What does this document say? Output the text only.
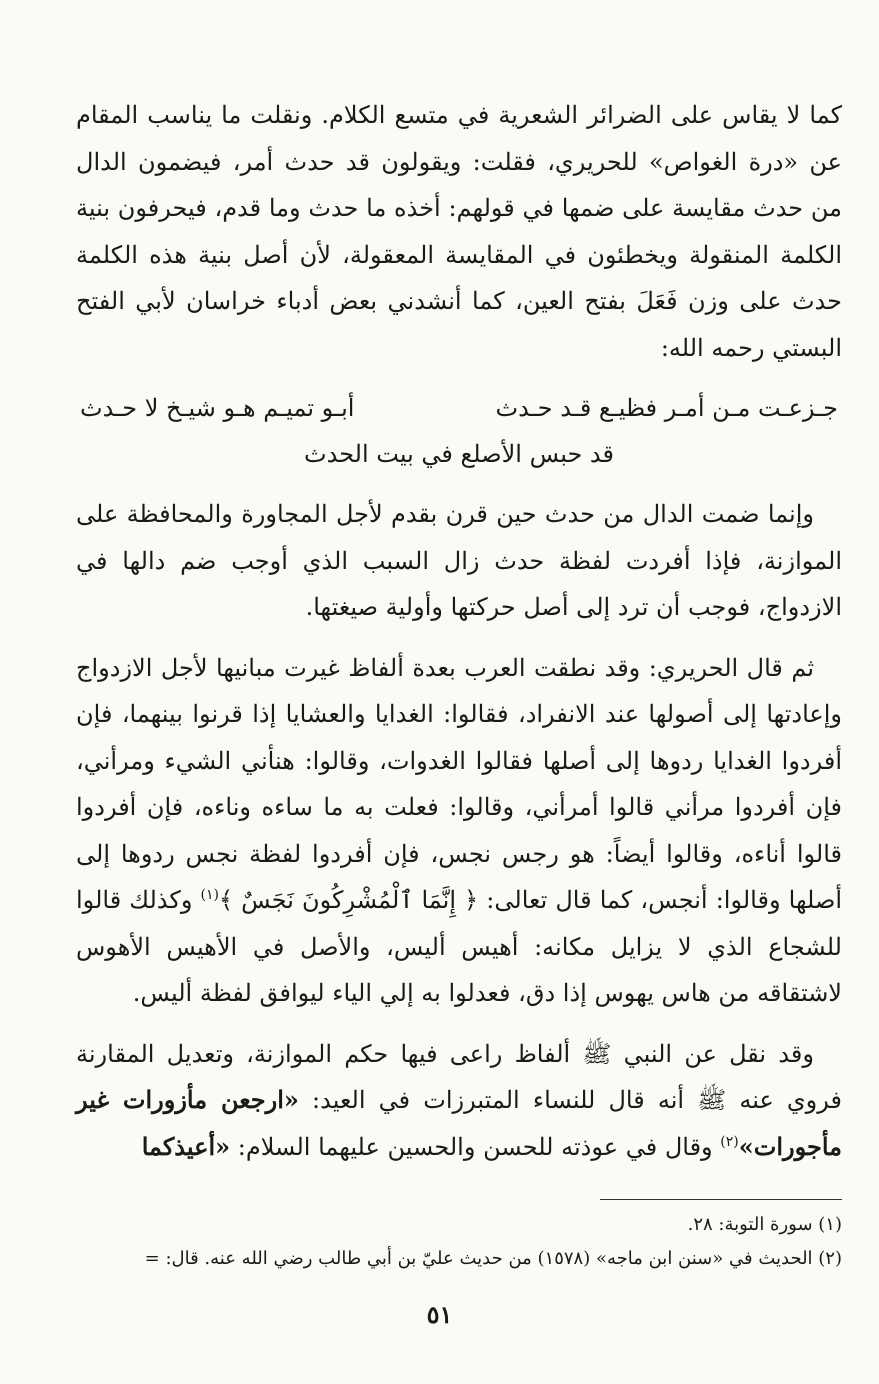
كما لا يقاس على الضرائر الشعرية في متسع الكلام. ونقلت ما يناسب المقام عن «درة الغواص» للحريري، فقلت: ويقولون قد حدث أمر، فيضمون الدال من حدث مقايسة على ضمها في قولهم: أخذه ما حدث وما قدم، فيحرفون بنية الكلمة المنقولة ويخطئون في المقايسة المعقولة، لأن أصل بنية هذه الكلمة حدث على وزن فَعَلَ بفتح العين، كما أنشدني بعض أدباء خراسان لأبي الفتح البستي رحمه الله:

جـزعـت مـن أمـر فظيـع قـد حـدث
أبـو تميـم هـو شيـخ لا حـدث
قد حبس الأصلع في بيت الحدث

وإنما ضمت الدال من حدث حين قرن بقدم لأجل المجاورة والمحافظة على الموازنة، فإذا أفردت لفظة حدث زال السبب الذي أوجب ضم دالها في الازدواج، فوجب أن ترد إلى أصل حركتها وأولية صيغتها.

ثم قال الحريري: وقد نطقت العرب بعدة ألفاظ غيرت مبانيها لأجل الازدواج وإعادتها إلى أصولها عند الانفراد، فقالوا: الغدايا والعشايا إذا قرنوا بينهما، فإن أفردوا الغدايا ردوها إلى أصلها فقالوا الغدوات، وقالوا: هنأني الشيء ومرأني، فإن أفردوا مرأني قالوا أمرأني، وقالوا: فعلت به ما ساءه وناءه، فإن أفردوا قالوا أناءه، وقالوا أيضاً: هو رجس نجس، فإن أفردوا لفظة نجس ردوها إلى أصلها وقالوا: أنجس، كما قال تعالى: ﴿ إِنَّمَا ٱلْمُشْرِكُونَ نَجَسٌ ﴾$^{(١)}$ وكذلك قالوا للشجاع الذي لا يزايل مكانه: أهيس أليس، والأصل في الأهيس الأهوس لاشتقاقه من هاس يهوس إذا دق، فعدلوا به إلي الياء ليوافق لفظة أليس.

وقد نقل عن النبي ﷺ ألفاظ راعى فيها حكم الموازنة، وتعديل المقارنة فروي عنه ﷺ أنه قال للنساء المتبرزات في العيد: «ارجعن مأزورات غير مأجورات»$^{(٢)}$ وقال في عوذته للحسن والحسين عليهما السلام: «أعيذكما

(١) سورة التوبة: ٢٨.
(٢) الحديث في «سنن ابن ماجه» (١٥٧٨) من حديث عليّ بن أبي طالب رضي الله عنه. قال: =
٥١
